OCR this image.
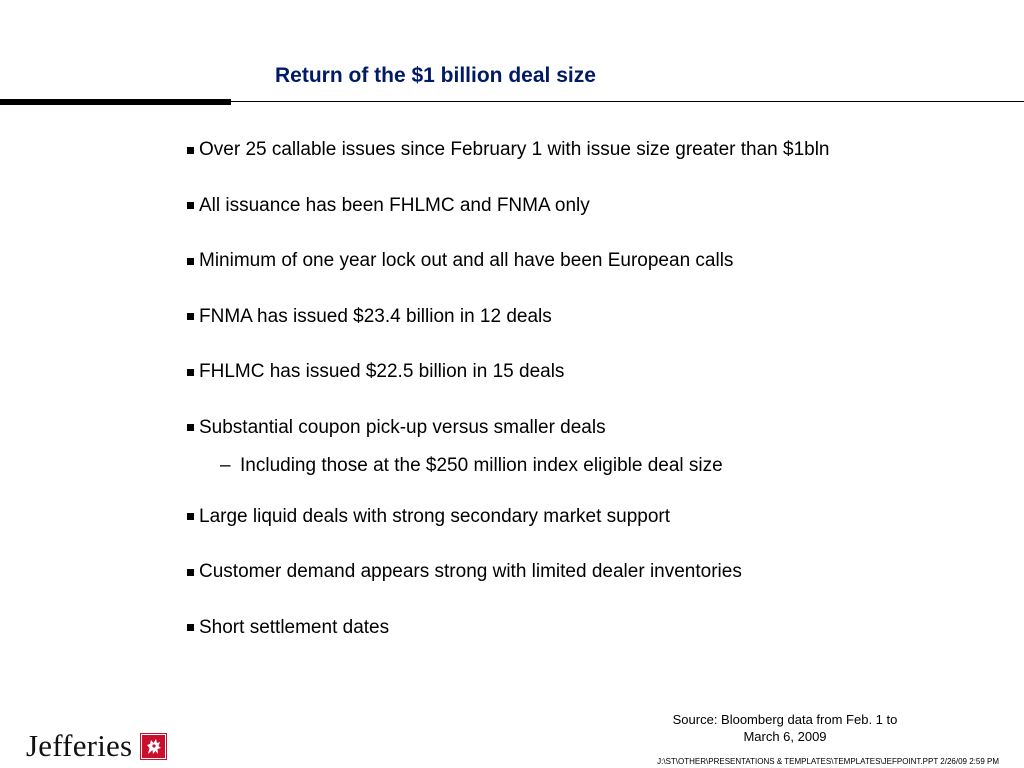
Return of the $1 billion deal size
Over 25 callable issues since February 1 with issue size greater than $1bln
All issuance has been FHLMC and FNMA only
Minimum of one year lock out and all have been European calls
FNMA has issued $23.4 billion in 12 deals
FHLMC has issued $22.5 billion in 15 deals
Substantial coupon pick-up versus smaller deals
– Including those at the $250 million index eligible deal size
Large liquid deals with strong secondary market support
Customer demand appears strong with limited dealer inventories
Short settlement dates
Source: Bloomberg data from Feb. 1 to March 6, 2009
J:\ST\OTHER\PRESENTATIONS & TEMPLATES\TEMPLATES\JEFPOINT.PPT 2/26/09 2:59 PM
Jefferies
